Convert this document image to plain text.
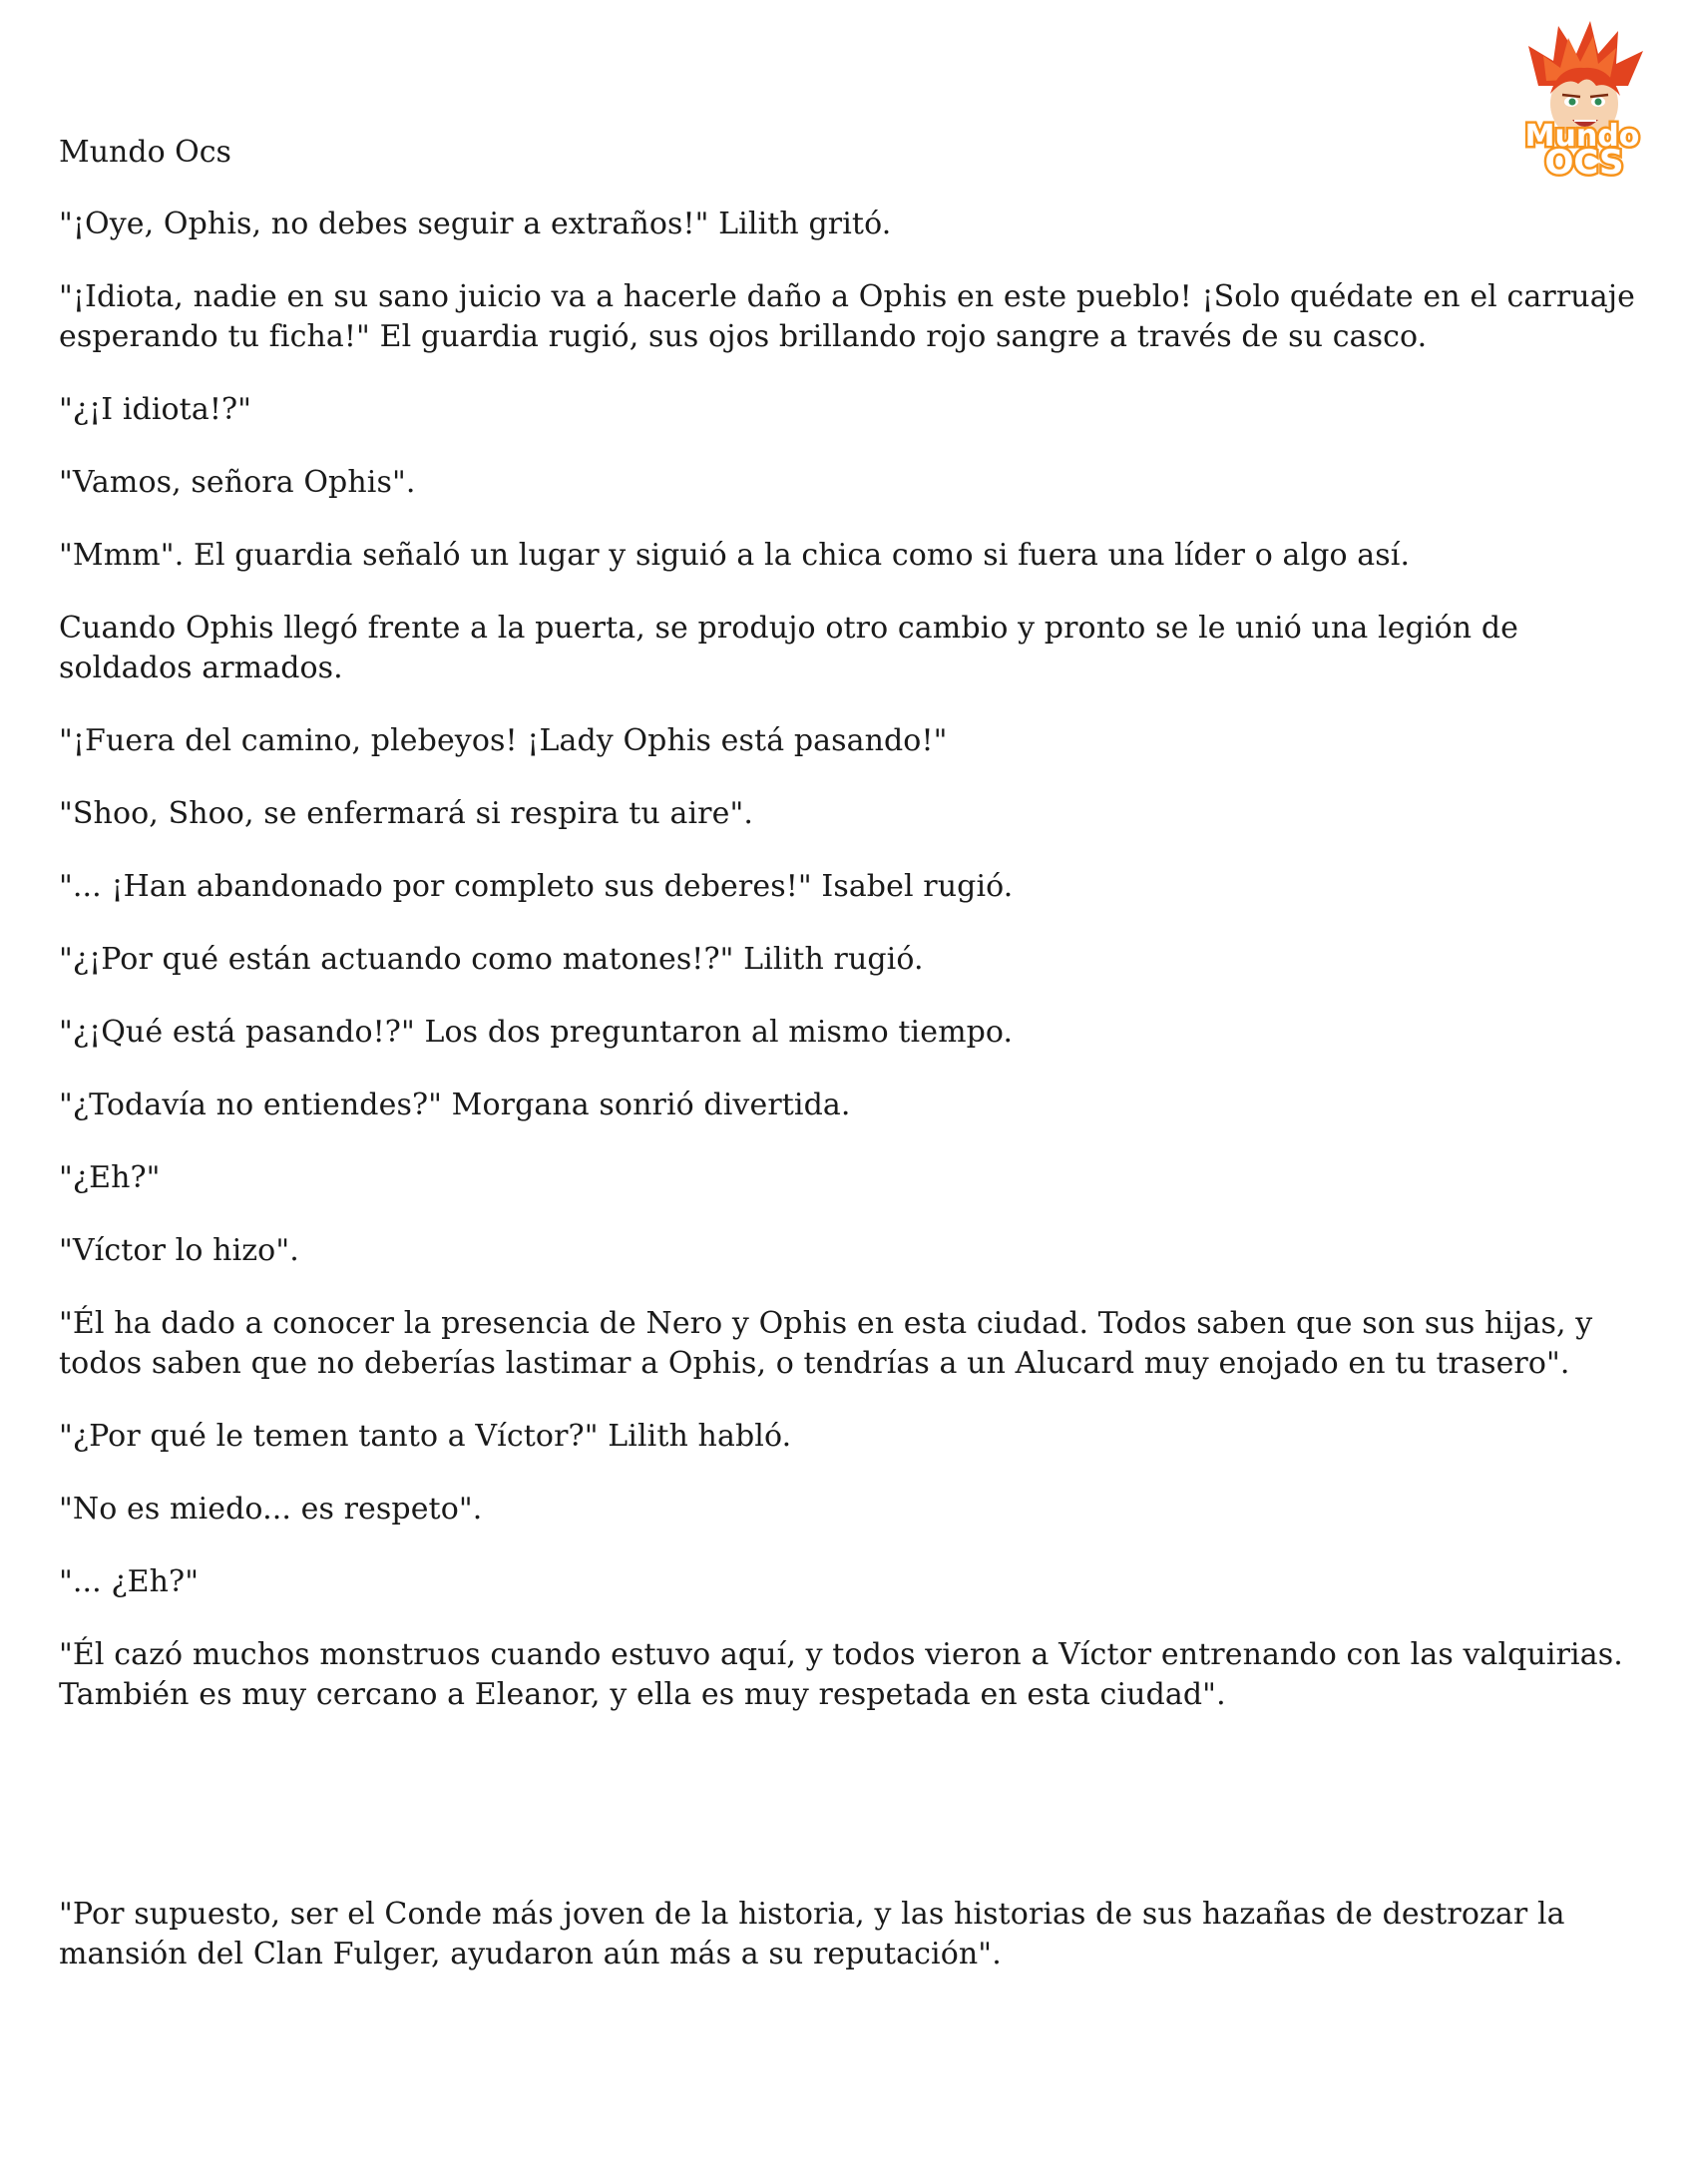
Mundo Ocs	Mundo
OCS

"¡Oye, Ophis, no debes seguir a extraños!" Lilith gritó.

"¡Idiota, nadie en su sano juicio va a hacerle daño a Ophis en este pueblo! ¡Solo quédate en el carruaje esperando tu ficha!" El guardia rugió, sus ojos brillando rojo sangre a través de su casco.

"¿¡I idiota!?"

"Vamos, señora Ophis".

"Mmm". El guardia señaló un lugar y siguió a la chica como si fuera una líder o algo así.

Cuando Ophis llegó frente a la puerta, se produjo otro cambio y pronto se le unió una legión de soldados armados.

"¡Fuera del camino, plebeyos! ¡Lady Ophis está pasando!"

"Shoo, Shoo, se enfermará si respira tu aire".

"... ¡Han abandonado por completo sus deberes!" Isabel rugió.

"¿¡Por qué están actuando como matones!?" Lilith rugió.

"¿¡Qué está pasando!?" Los dos preguntaron al mismo tiempo.

"¿Todavía no entiendes?" Morgana sonrió divertida.

"¿Eh?"

"Víctor lo hizo".

"Él ha dado a conocer la presencia de Nero y Ophis en esta ciudad. Todos saben que son sus hijas, y todos saben que no deberías lastimar a Ophis, o tendrías a un Alucard muy enojado en tu trasero".

"¿Por qué le temen tanto a Víctor?" Lilith habló.

"No es miedo... es respeto".

"... ¿Eh?"

"Él cazó muchos monstruos cuando estuvo aquí, y todos vieron a Víctor entrenando con las valquirias. También es muy cercano a Eleanor, y ella es muy respetada en esta ciudad".

"Por supuesto, ser el Conde más joven de la historia, y las historias de sus hazañas de destrozar la mansión del Clan Fulger, ayudaron aún más a su reputación".
